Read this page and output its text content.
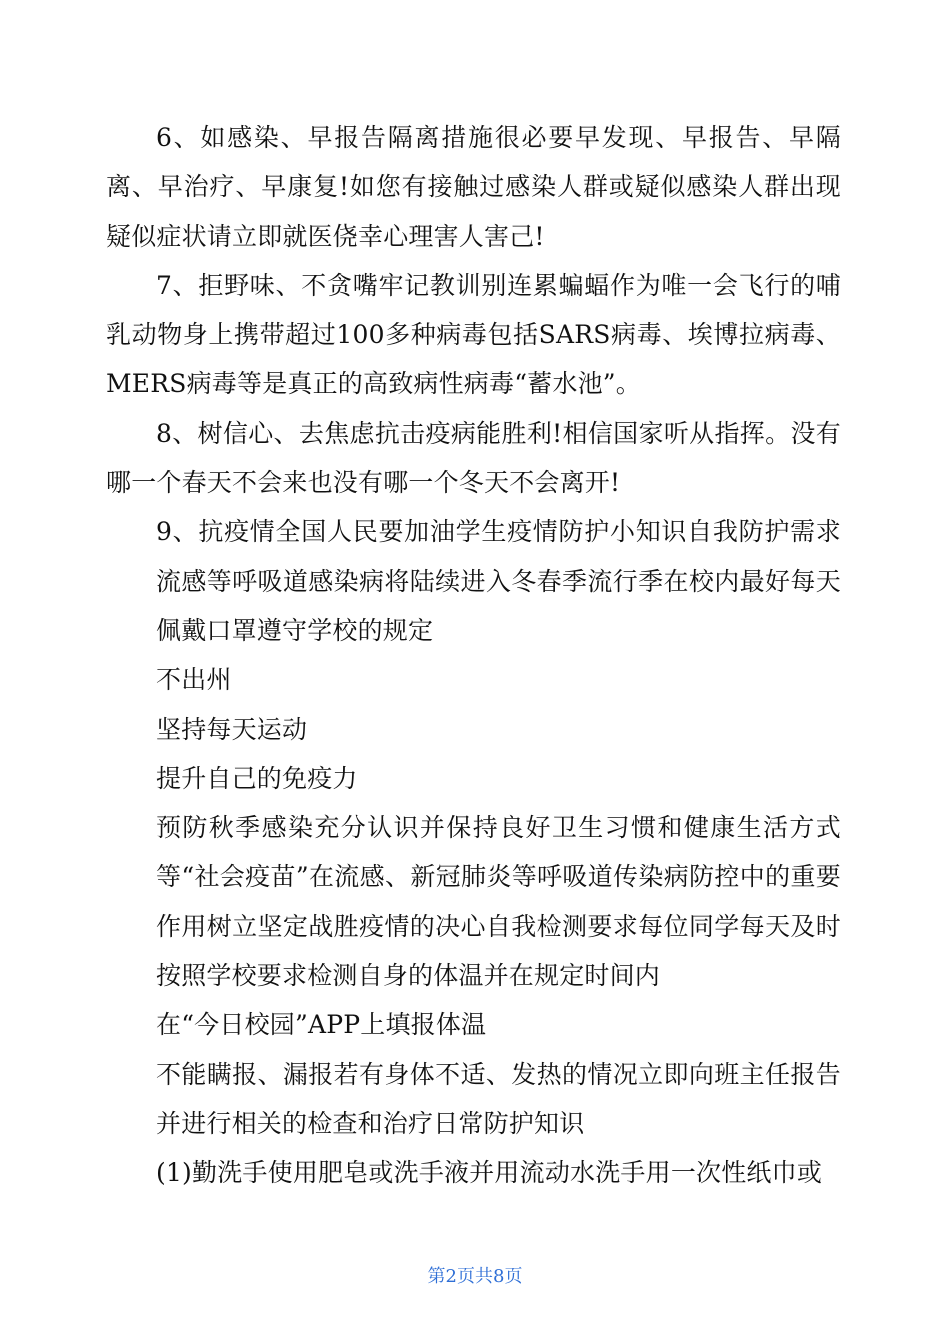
6、如感染、早报告隔离措施很必要早发现、早报告、早隔离、早治疗、早康复!如您有接触过感染人群或疑似感染人群出现疑似症状请立即就医侥幸心理害人害己!

7、拒野味、不贪嘴牢记教训别连累蝙蝠作为唯一会飞行的哺乳动物身上携带超过100多种病毒包括SARS病毒、埃博拉病毒、MERS病毒等是真正的高致病性病毒“蓄水池”。

8、树信心、去焦虑抗击疫病能胜利!相信国家听从指挥。没有哪一个春天不会来也没有哪一个冬天不会离开!

9、抗疫情全国人民要加油学生疫情防护小知识自我防护需求流感等呼吸道感染病将陆续进入冬春季流行季在校内最好每天佩戴口罩遵守学校的规定

不出州

坚持每天运动

提升自己的免疫力

预防秋季感染充分认识并保持良好卫生习惯和健康生活方式等“社会疫苗”在流感、新冠肺炎等呼吸道传染病防控中的重要作用树立坚定战胜疫情的决心自我检测要求每位同学每天及时按照学校要求检测自身的体温并在规定时间内

在“今日校园”APP上填报体温

不能瞒报、漏报若有身体不适、发热的情况立即向班主任报告并进行相关的检查和治疗日常防护知识

(1)勤洗手使用肥皂或洗手液并用流动水洗手用一次性纸巾或

第2页共8页
